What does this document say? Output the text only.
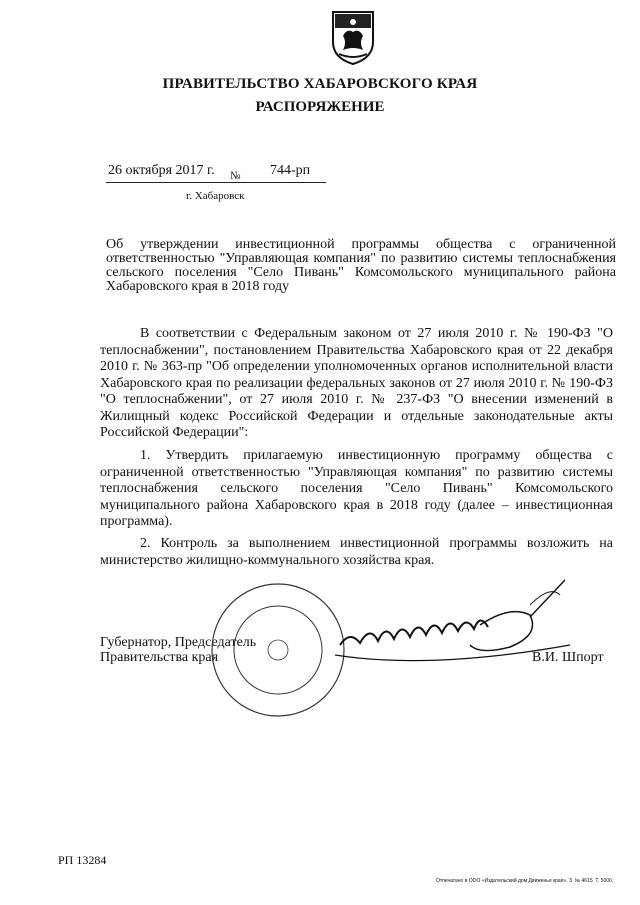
ПРАВИТЕЛЬСТВО ХАБАРОВСКОГО КРАЯ
РАСПОРЯЖЕНИЕ
26 октября 2017 г. № 744-рп
г. Хабаровск
Об утверждении инвестиционной программы общества с ограниченной ответственностью "Управляющая компания" по развитию системы теплоснабжения сельского поселения "Село Пивань" Комсомольского муниципального района Хабаровского края в 2018 году
В соответствии с Федеральным законом от 27 июля 2010 г. № 190-ФЗ "О теплоснабжении", постановлением Правительства Хабаровского края от 22 декабря 2010 г. № 363-пр "Об определении уполномоченных органов исполнительной власти Хабаровского края по реализации федеральных законов от 27 июля 2010 г. № 190-ФЗ "О теплоснабжении", от 27 июля 2010 г. № 237-ФЗ "О внесении изменений в Жилищный кодекс Российской Федерации и отдельные законодательные акты Российской Федерации":
1. Утвердить прилагаемую инвестиционную программу общества с ограниченной ответственностью "Управляющая компания" по развитию системы теплоснабжения сельского поселения "Село Пивань" Комсомольского муниципального района Хабаровского края в 2018 году (далее – инвестиционная программа).
2. Контроль за выполнением инвестиционной программы возложить на министерство жилищно-коммунального хозяйства края.
Губернатор, Председатель
Правительства края	В.И. Шпорт
РП 13284
Отпечатано в ООО «Издательский дом Движенья края». З. № 4615. Т. 5000.
